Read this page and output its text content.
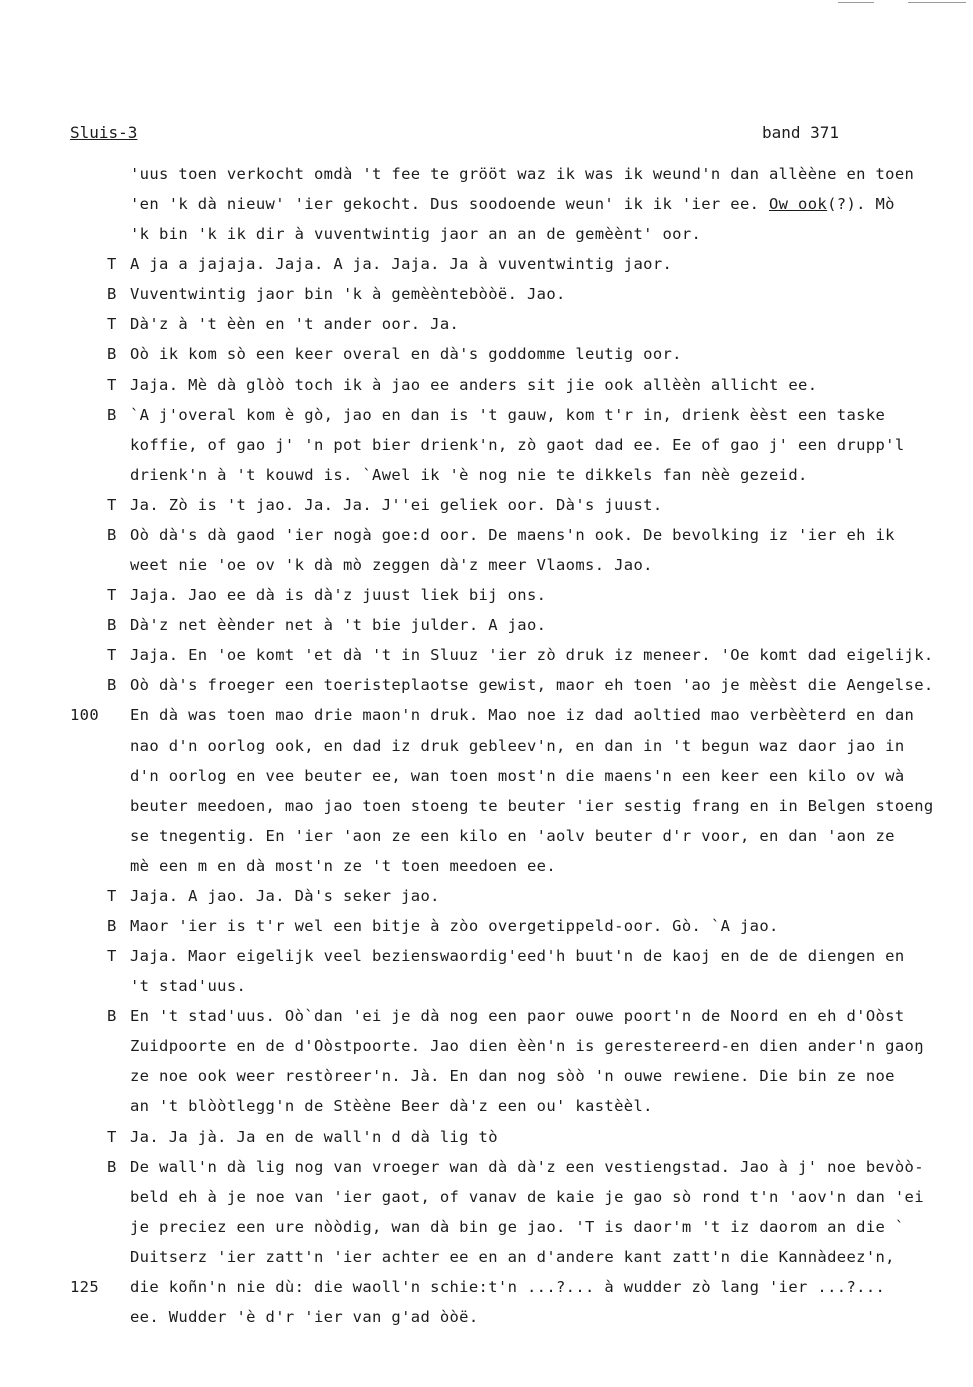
Sluis-3	band 371
'uus toen verkocht omdà 't fee te grööt waz ik was ik weund'n dan allèène en toen
'en 'k dà nieuw' 'ier gekocht. Dus soodoende weun' ik ik 'ier ee. Ow ook(?). Mò
'k bin 'k ik dir à vuventwintig jaor an an de gemèènt' oor.
T A ja a jajaja. Jaja. A ja. Jaja. Ja à vuventwintig jaor.
B Vuventwintig jaor bin 'k à gemèèntebòòë. Jao.
T Dà'z à 't èèn en 't ander oor. Ja.
B Oò ik kom sò een keer overal en dà's goddomme leutig oor.
T Jaja. Mè dà glòò toch ik à jao ee anders sit jie ook allèèn allicht ee.
B `A j'overal kom è gò, jao en dan is 't gauw, kom t'r in, drienk èèst een taske
koffie, of gao j' 'n pot bier drienk'n, zò gaot dad ee. Ee of gao j' een drupp'l
drienk'n à 't kouwd is. `Awel ik 'è nog nie te dikkels fan nèè gezeid.
T Ja. Zò is 't jao. Ja. Ja. J''ei geliek oor. Dà's juust.
B Oò dà's dà gaod 'ier nogà goe:d oor. De maens'n ook. De bevolking iz 'ier eh ik
weet nie 'oe ov 'k dà mò zeggen dà'z meer Vlaoms. Jao.
T Jaja. Jao ee dà is dà'z juust liek bij ons.
B Dà'z net èènder net à 't bie julder. A jao.
T Jaja. En 'oe komt 'et dà 't in Sluuz 'ier zò druk iz meneer. 'Oe komt dad eigelijk.
B Oò dà's froeger een toeristeplaotse gewist, maor eh toen 'ao je mèèst die Aengelse.
100 En dà was toen mao drie maon'n druk. Mao noe iz dad aoltied mao verbèèterd en dan
nao d'n oorlog ook, en dad iz druk gebleev'n, en dan in 't begun waz daor jao in
d'n oorlog en vee beuter ee, wan toen most'n die maens'n een keer een kilo ov wà
beuter meedoen, mao jao toen stoeng te beuter 'ier sestig frang en in Belgen stoeng
se tnegentig. En 'ier 'aon ze een kilo en 'aolv beuter d'r voor, en dan 'aon ze
mè een m en dà most'n ze 't toen meedoen ee.
T Jaja. A jao. Ja. Dà's seker jao.
B Maor 'ier is t'r wel een bitje à zòo overgetippeld-oor. Gò. `A jao.
T Jaja. Maor eigelijk veel bezienswaordig'eed'h buut'n de kaoj en de de diengen en
't stad'uus.
B En 't stad'uus. Oò`dan 'ei je dà nog een paor ouwe poort'n de Noord en eh d'Oòst
Zuidpoorte en de d'Oòstpoorte. Jao dien èèn'n is gerestereerd-en dien ander'n gaoŋ
ze noe ook weer restòreer'n. Jà. En dan nog sòò 'n ouwe rewiene. Die bin ze noe
an 't blòòtlegg'n de Stèène Beer dà'z een ou' kastèèl.
T Ja. Ja jà. Ja en de wall'n d dà lig tò
B De wall'n dà lig nog van vroeger wan dà dà'z een vestiengstad. Jao à j' noe bevòò-
beld eh à je noe van 'ier gaot, of vanav de kaie je gao sò rond t'n 'aov'n dan 'ei
je preciez een ure nòòdig, wan dà bin ge jao. 'T is daor'm 't iz daorom an die `
Duitserz 'ier zatt'n 'ier achter ee en an d'andere kant zatt'n die Kannàdeez'n,
125 die koñn'n nie dù: die waoll'n schie:t'n ...?... à wudder zò lang 'ier ...?...
ee. Wudder 'è d'r 'ier van g'ad òòë.
